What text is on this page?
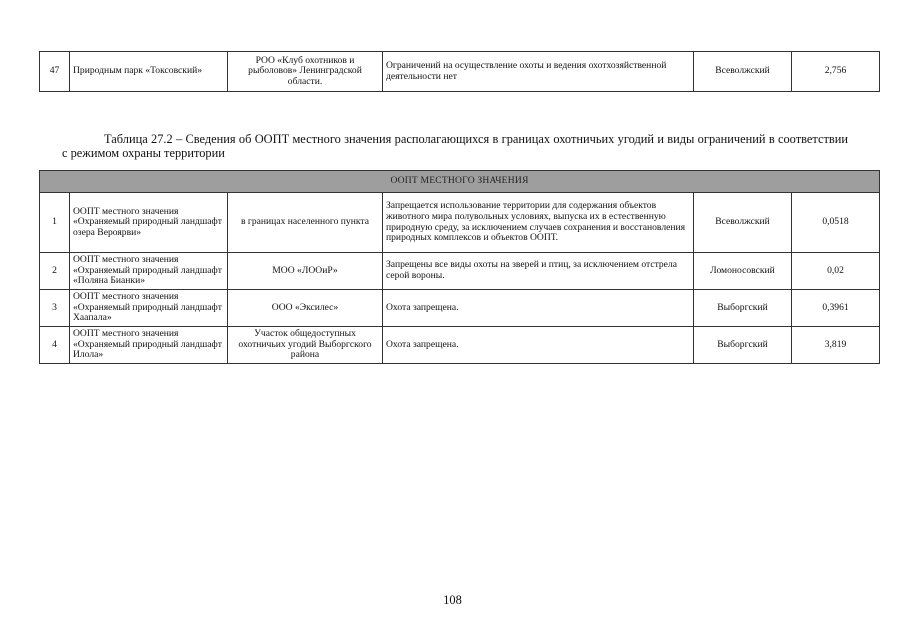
47	Природным парк «Токсовский»	РОО «Клуб охотников и рыболовов» Ленинградской области.	Ограничений на осуществление охоты и ведения охотхозяйственной деятельности нет	Всеволжский	2,756
Таблица 27.2 – Сведения об ООПТ местного значения располагающихся в границах охотничьих угодий и виды ограничений в соответствии с режимом охраны территории
ООПТ МЕСТНОГО ЗНАЧЕНИЯ					
1	ООПТ местного значения «Охраняемый природный ландшафт озера Вероярви»	в границах населенного пункта	Запрещается использование территории для содержания объектов животного мира полувольных условиях, выпуска их в естественную природную среду, за исключением случаев сохранения и восстановления природных комплексов и объектов ООПТ.	Всеволжский	0,0518
2	ООПТ местного значения «Охраняемый природный ландшафт «Поляна Бианки»	МОО «ЛООиР»	Запрещены все виды охоты на зверей и птиц, за исключением отстрела серой вороны.	Ломоносовский	0,02
3	ООПТ местного значения «Охраняемый природный ландшафт Хаапала»	ООО «Эксилес»	Охота запрещена.	Выборгский	0,3961
4	ООПТ местного значения «Охраняемый природный ландшафт Илола»	Участок общедоступных охотничьих угодий Выборгского района	Охота запрещена.	Выборгский	3,819
108
